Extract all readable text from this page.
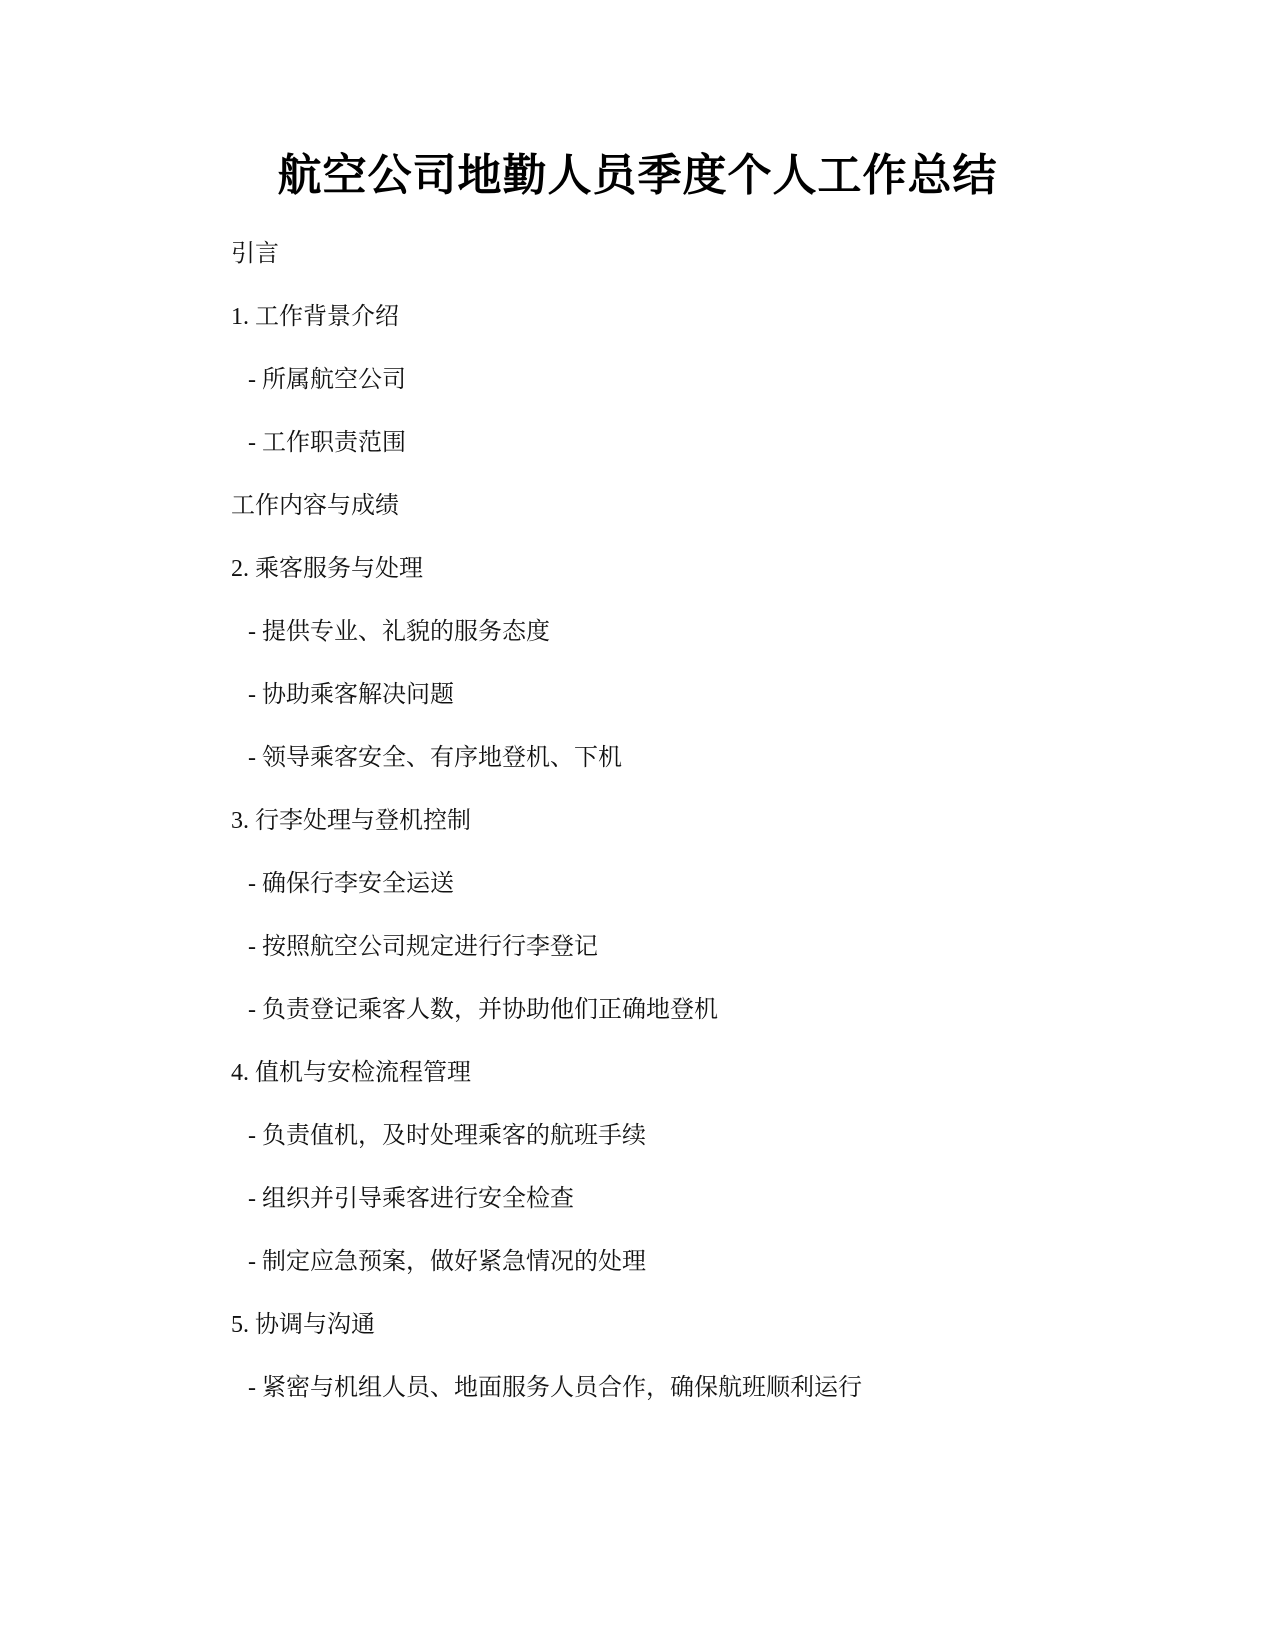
航空公司地勤人员季度个人工作总结
引言
1. 工作背景介绍
- 所属航空公司
- 工作职责范围
工作内容与成绩
2. 乘客服务与处理
- 提供专业、礼貌的服务态度
- 协助乘客解决问题
- 领导乘客安全、有序地登机、下机
3. 行李处理与登机控制
- 确保行李安全运送
- 按照航空公司规定进行行李登记
- 负责登记乘客人数，并协助他们正确地登机
4. 值机与安检流程管理
- 负责值机，及时处理乘客的航班手续
- 组织并引导乘客进行安全检查
- 制定应急预案，做好紧急情况的处理
5. 协调与沟通
- 紧密与机组人员、地面服务人员合作，确保航班顺利运行
